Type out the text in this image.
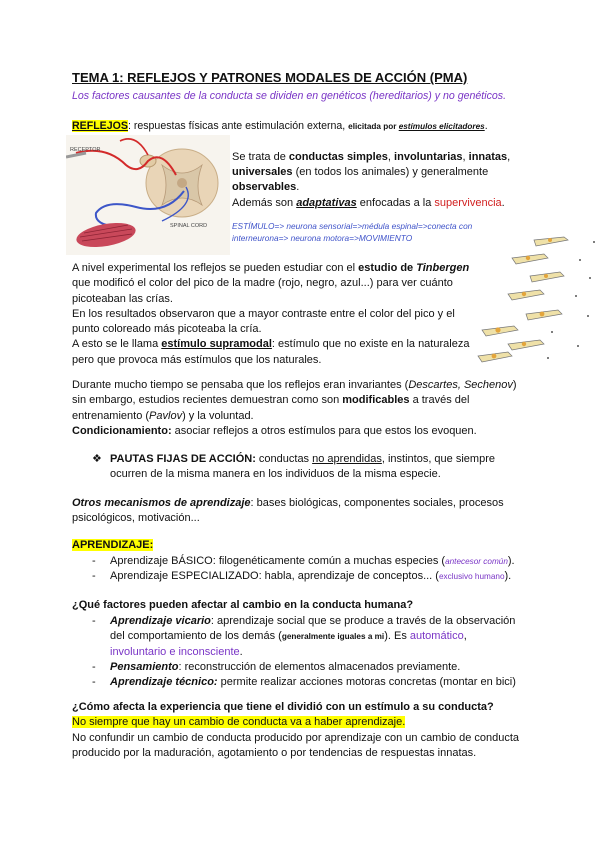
TEMA 1: REFLEJOS Y PATRONES MODALES DE ACCIÓN (PMA)
Los factores causantes de la conducta se dividen en genéticos (hereditarios) y no genéticos.
REFLEJOS: respuestas físicas ante estimulación externa, elicitada por estímulos elicitadores.
RECEPTOR
SPINAL CORD
Se trata de conductas simples, involuntarias, innatas,
universales (en todos los animales) y generalmente
observables.
Además son adaptativas enfocadas a la supervivencia.
ESTÍMULO=> neurona sensorial=>médula espinal=>conecta con
interneurona=> neurona motora=>MOVIMIENTO
A nivel experimental los reflejos se pueden estudiar con el estudio de Tinbergen
que modificó el color del pico de la madre (rojo, negro, azul...) para ver cuánto
picoteaban las crías.
En los resultados observaron que a mayor contraste entre el color del pico y el
punto coloreado más picoteaba la cría.
A esto se le llama estímulo supramodal: estímulo que no existe en la naturaleza
pero que provoca más estímulos que los naturales.
Durante mucho tiempo se pensaba que los reflejos eran invariantes (Descartes, Sechenov)
sin embargo, estudios recientes demuestran como son modificables a través del
entrenamiento (Pavlov) y la voluntad.
Condicionamiento: asociar reflejos a otros estímulos para que estos los evoquen.
❖ PAUTAS FIJAS DE ACCIÓN: conductas no aprendidas, instintos, que siempre
ocurren de la misma manera en los individuos de la misma especie.
Otros mecanismos de aprendizaje: bases biológicas, componentes sociales, procesos
psicológicos, motivación...
APRENDIZAJE:
-
-
Aprendizaje BÁSICO: filogenéticamente común a muchas especies (antecesor común).
Aprendizaje ESPECIALIZADO: habla, aprendizaje de conceptos... (exclusivo humano).
¿Qué factores pueden afectar al cambio en la conducta humana?
-
-
-
Aprendizaje vicario: aprendizaje social que se produce a través de la observación
del comportamiento de los demás (generalmente iguales a mi). Es automático,
involuntario e inconsciente.
Pensamiento: reconstrucción de elementos almacenados previamente.
Aprendizaje técnico: permite realizar acciones motoras concretas (montar en bici)
¿Cómo afecta la experiencia que tiene el dividió con un estímulo a su conducta?
No siempre que hay un cambio de conducta va a haber aprendizaje.
No confundir un cambio de conducta producido por aprendizaje con un cambio de conducta
producido por la maduración, agotamiento o por tendencias de respuestas innatas.
